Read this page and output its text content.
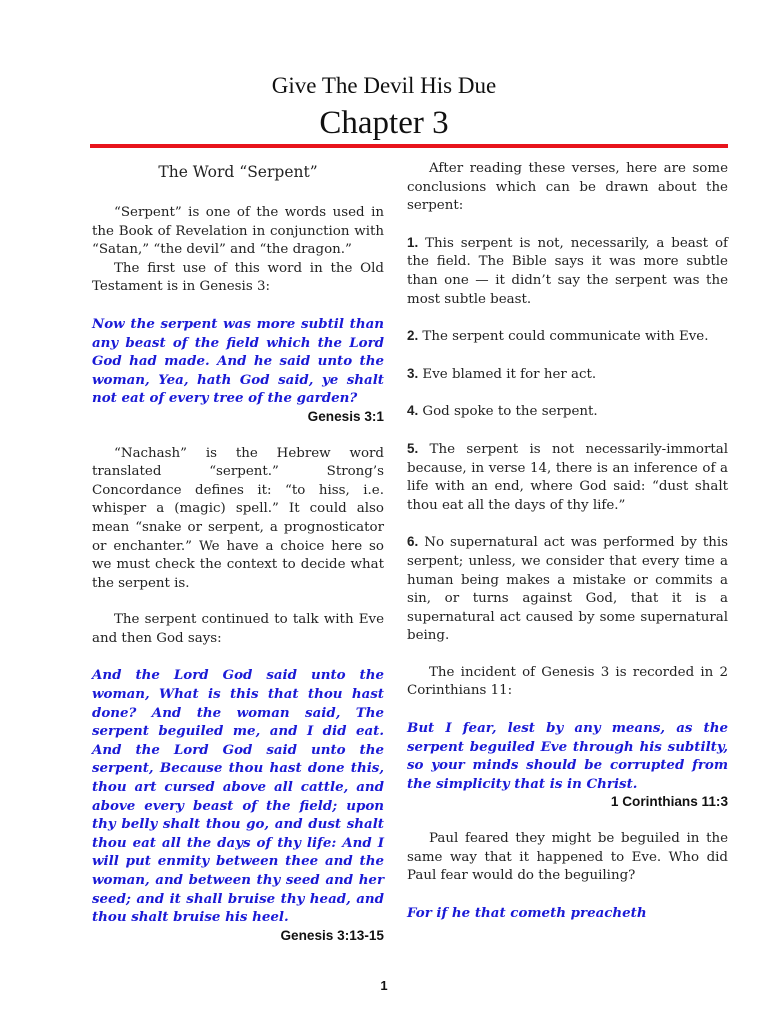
Give The Devil His Due
Chapter 3

The Word “Serpent”

“Serpent” is one of the words used in the Book of Revelation in conjunction with “Satan,” “the devil” and “the dragon.”

The first use of this word in the Old Testament is in Genesis 3:

Now the serpent was more subtil than any beast of the field which the Lord God had made. And he said unto the woman, Yea, hath God said, ye shalt not eat of every tree of the garden?

Genesis 3:1

“Nachash” is the Hebrew word translated “serpent.” Strong’s Concordance defines it: “to hiss, i.e. whisper a (magic) spell.” It could also mean “snake or serpent, a prognosticator or enchanter.” We have a choice here so we must check the context to decide what the serpent is.

The serpent continued to talk with Eve and then God says:

And the Lord God said unto the woman, What is this that thou hast done? And the woman said, The serpent beguiled me, and I did eat. And the Lord God said unto the serpent, Because thou hast done this, thou art cursed above all cattle, and above every beast of the field; upon thy belly shalt thou go, and dust shalt thou eat all the days of thy life: And I will put enmity between thee and the woman, and between thy seed and her seed; and it shall bruise thy head, and thou shalt bruise his heel.

Genesis 3:13-15

After reading these verses, here are some conclusions which can be drawn about the serpent:

1. This serpent is not, necessarily, a beast of the field. The Bible says it was more subtle than one — it didn’t say the serpent was the most subtle beast.

2. The serpent could communicate with Eve.

3. Eve blamed it for her act.

4. God spoke to the serpent.

5. The serpent is not necessarily-immortal because, in verse 14, there is an inference of a life with an end, where God said: “dust shalt thou eat all the days of thy life.”

6. No supernatural act was performed by this serpent; unless, we consider that every time a human being makes a mistake or commits a sin, or turns against God, that it is a supernatural act caused by some supernatural being.

The incident of Genesis 3 is recorded in 2 Corinthians 11:

But I fear, lest by any means, as the serpent beguiled Eve through his subtilty, so your minds should be corrupted from the simplicity that is in Christ.

1 Corinthians 11:3

Paul feared they might be beguiled in the same way that it happened to Eve. Who did Paul fear would do the beguiling?

For if he that cometh preacheth

1
